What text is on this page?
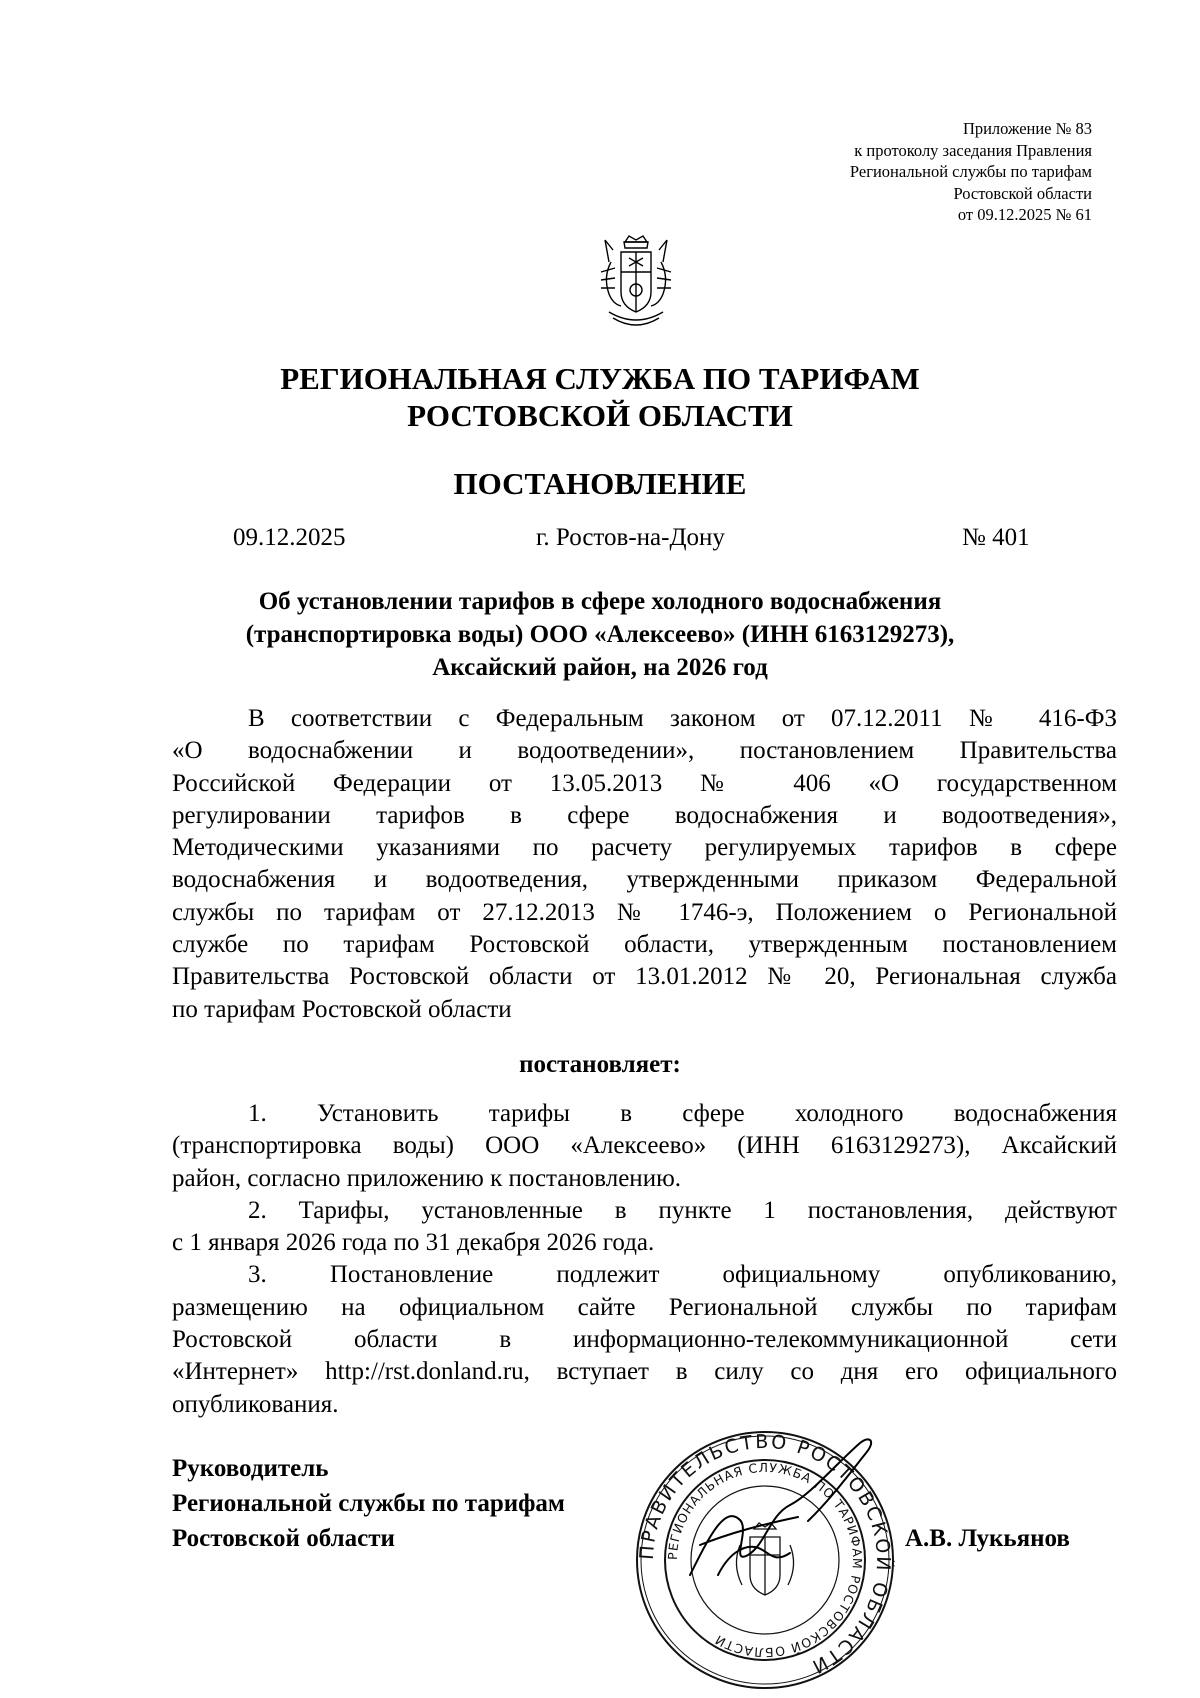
Приложение № 83
к протоколу заседания Правления
Региональной службы по тарифам
Ростовской области
от 09.12.2025 № 61
РЕГИОНАЛЬНАЯ СЛУЖБА ПО ТАРИФАМ
РОСТОВСКОЙ ОБЛАСТИ
ПОСТАНОВЛЕНИЕ
09.12.2025	г. Ростов-на-Дону	№ 401
Об установлении тарифов в сфере холодного водоснабжения
(транспортировка воды) ООО «Алексеево» (ИНН 6163129273),
Аксайский район, на 2026 год

В соответствии с Федеральным законом от 07.12.2011 № 416-ФЗ
«О водоснабжении и водоотведении», постановлением Правительства
Российской Федерации от 13.05.2013 № 406 «О государственном
регулировании тарифов в сфере водоснабжения и водоотведения»,
Методическими указаниями по расчету регулируемых тарифов в сфере
водоснабжения и водоотведения, утвержденными приказом Федеральной
службы по тарифам от 27.12.2013 № 1746-э, Положением о Региональной
службе по тарифам Ростовской области, утвержденным постановлением
Правительства Ростовской области от 13.01.2012 № 20, Региональная служба
по тарифам Ростовской области

постановляет:

1. Установить тарифы в сфере холодного водоснабжения
(транспортировка воды) ООО «Алексеево» (ИНН 6163129273), Аксайский
район, согласно приложению к постановлению.

2. Тарифы, установленные в пункте 1 постановления, действуют
с 1 января 2026 года по 31 декабря 2026 года.

3. Постановление подлежит официальному опубликованию,
размещению на официальном сайте Региональной службы по тарифам
Ростовской области в информационно-телекоммуникационной сети
«Интернет» http://rst.donland.ru, вступает в силу со дня его официального
опубликования.

Руководитель
Региональной службы по тарифам
Ростовской области	ПРАВИТЕЛЬСТВО РОСТОВСКОЙ ОБЛАСТИ
РЕГИОНАЛЬНАЯ СЛУЖБА ПО ТАРИФАМ РОСТОВСКОЙ ОБЛАСТИ
А.В. Лукьянов
